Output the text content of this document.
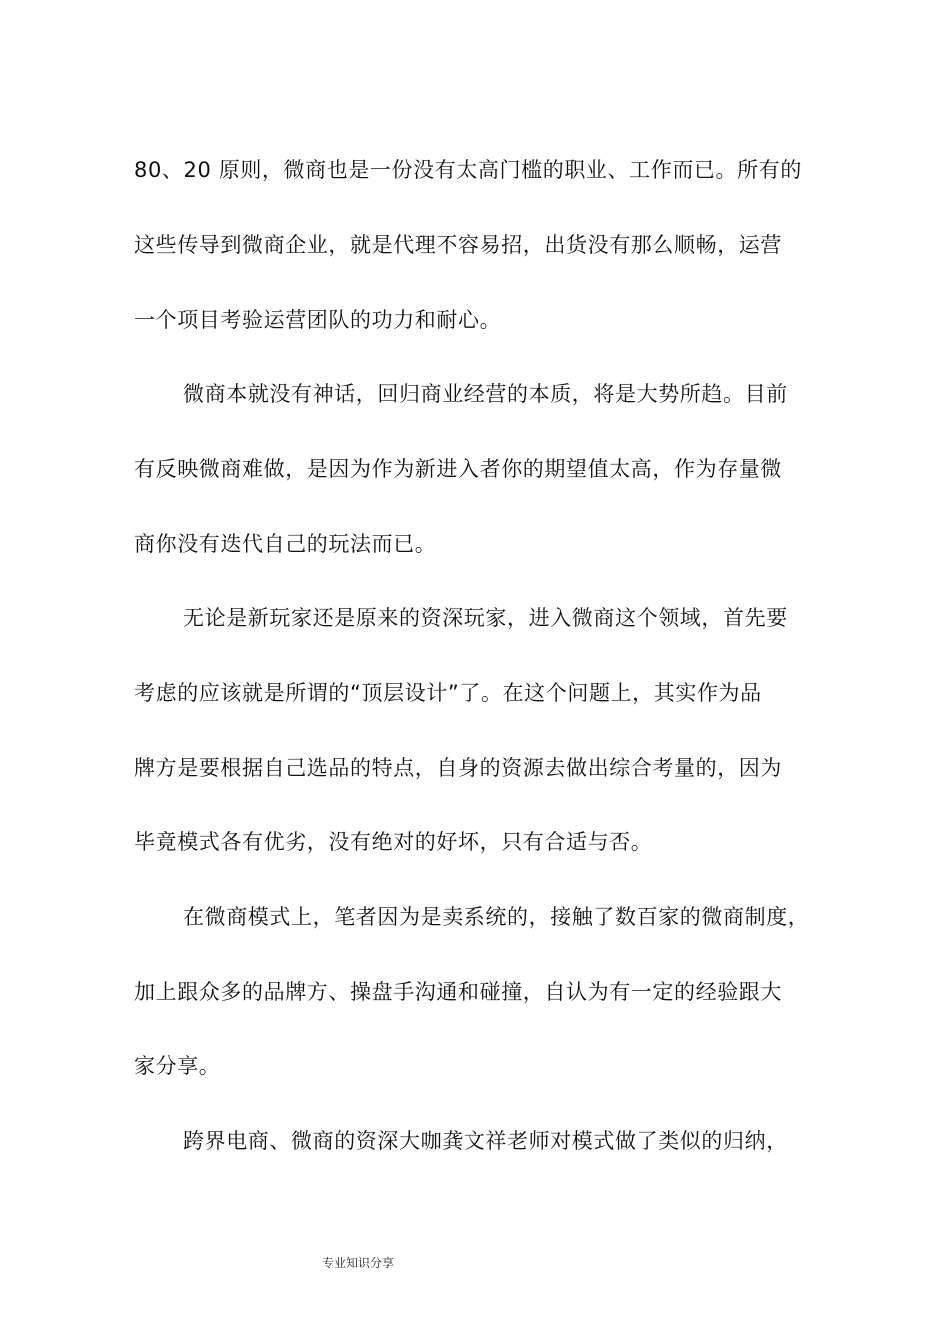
80、20 原则，微商也是一份没有太高门槛的职业、工作而已。所有的
这些传导到微商企业，就是代理不容易招，出货没有那么顺畅，运营
一个项目考验运营团队的功力和耐心。
微商本就没有神话，回归商业经营的本质，将是大势所趋。目前
有反映微商难做，是因为作为新进入者你的期望值太高，作为存量微
商你没有迭代自己的玩法而已。
无论是新玩家还是原来的资深玩家，进入微商这个领域，首先要
考虑的应该就是所谓的“顶层设计”了。在这个问题上，其实作为品
牌方是要根据自己选品的特点，自身的资源去做出综合考量的，因为
毕竟模式各有优劣，没有绝对的好坏，只有合适与否。
在微商模式上，笔者因为是卖系统的，接触了数百家的微商制度，
加上跟众多的品牌方、操盘手沟通和碰撞，自认为有一定的经验跟大
家分享。
跨界电商、微商的资深大咖龚文祥老师对模式做了类似的归纳，
专业知识分享
